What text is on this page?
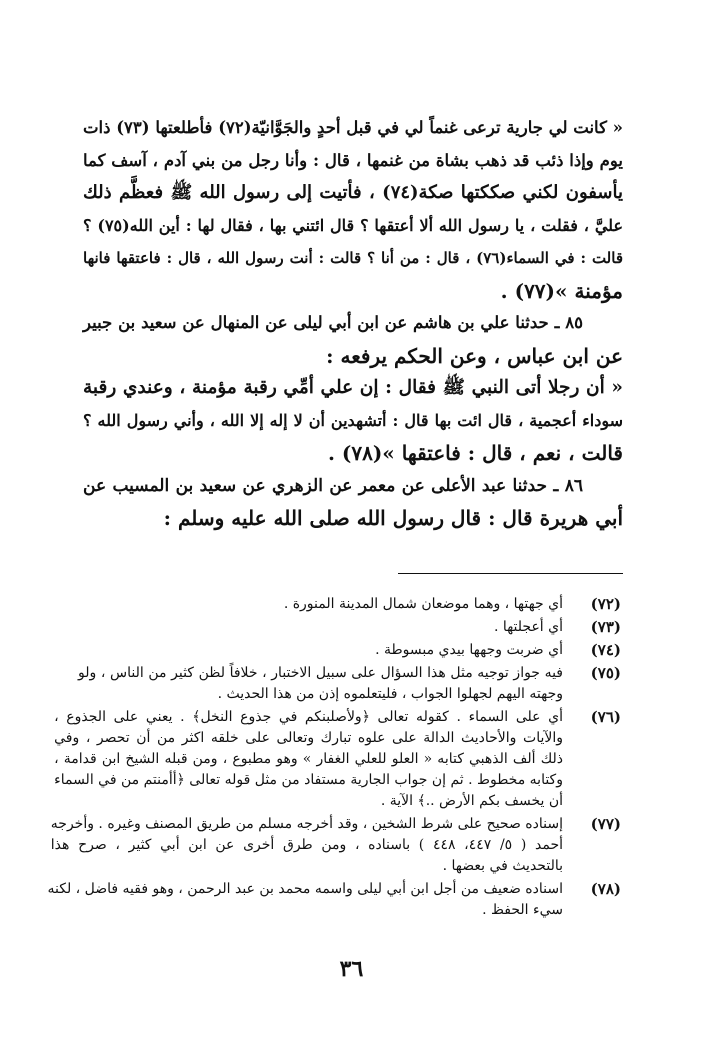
« كانت لي جارية ترعى غنماً لي في قبل أحدٍ والجَوَّانيّة(٧٢) فأطلعتها (٧٣) ذات
يوم وإذا ذئب قد ذهب بشاة من غنمها ، قال : وأنا رجل من بني آدم ، آسف كما
يأسفون لكني صككتها صكة(٧٤) ، فأتيت إلى رسول الله ﷺ فعظَّم ذلك
عليَّ ، فقلت ، يا رسول الله ألا أعتقها ؟ قال ائتني بها ، فقال لها : أين الله(٧٥) ؟
قالت : في السماء(٧٦) ، قال : من أنا ؟ قالت : أنت رسول الله ، قال : فاعتقها فانها
مؤمنة »(٧٧) .
٨٥ ـ حدثنا علي بن هاشم عن ابن أبي ليلى عن المنهال عن سعيد بن جبير
عن ابن عباس ، وعن الحكم يرفعه :
« أن رجلا أتى النبي ﷺ فقال : إن علي أمِّي رقبة مؤمنة ، وعندي رقبة
سوداء أعجمية ، قال ائت بها قال : أتشهدين أن لا إله إلا الله ، وأني رسول الله ؟
قالت ، نعم ، قال : فاعتقها »(٧٨) .
٨٦ ـ حدثنا عبد الأعلى عن معمر عن الزهري عن سعيد بن المسيب عن
أبي هريرة قال : قال رسول الله صلى الله عليه وسلم :
(٧٢)
أي جهتها ، وهما موضعان شمال المدينة المنورة .
(٧٣)
أي أعجلتها .
(٧٤)
أي ضربت وجهها بيدي مبسوطة .
(٧٥)
فيه جواز توجيه مثل هذا السؤال على سبيل الاختبار ، خلافاً لظن كثير من الناس ، ولو
وجهته اليهم لجهلوا الجواب ، فليتعلموه إذن من هذا الحديث .
(٧٦)
أي على السماء . كقوله تعالى ﴿ولأصلبنكم في جذوع النخل﴾ . يعني على الجذوع ،
والآيات والأحاديث الدالة على علوه تبارك وتعالى على خلقه اكثر من أن تحصر ، وفي
ذلك ألف الذهبي كتابه « العلو للعلي الغفار » وهو مطبوع ، ومن قبله الشيخ ابن قدامة ،
وكتابه مخطوط . ثم إن جواب الجارية مستفاد من مثل قوله تعالى ﴿أأمنتم من في السماء
أن يخسف بكم الأرض ..﴾ الآية .
(٧٧)
إسناده صحيح على شرط الشخين ، وقد أخرجه مسلم من طريق المصنف وغيره . وأخرجه
أحمد ( ٥/ ٤٤٧، ٤٤٨ ) باسناده ، ومن طرق أخرى عن ابن أبي كثير ، صرح هذا
بالتحديث في بعضها .
(٧٨)
اسناده ضعيف من أجل ابن أبي ليلى واسمه محمد بن عبد الرحمن ، وهو فقيه فاضل ، لكنه
سيء الحفظ .
٣٦
